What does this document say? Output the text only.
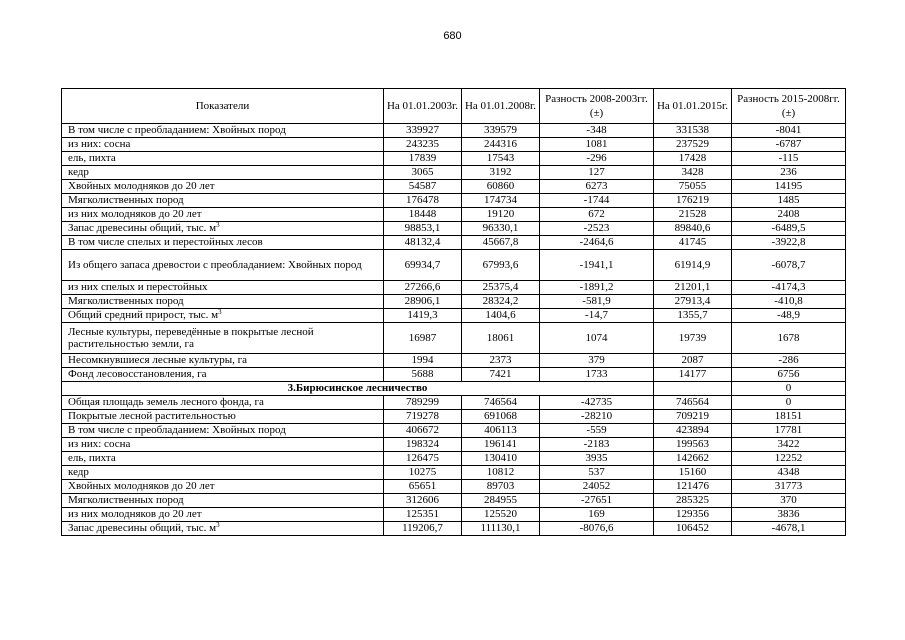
680
Показатели	На 01.01.2003г.	На 01.01.2008г.	Разность 2008-2003гг. (±)	На 01.01.2015г.	Разность 2015-2008гг. (±)
В том числе с преобладанием: Хвойных пород	339927	339579	-348	331538	-8041
из них: сосна	243235	244316	1081	237529	-6787
ель, пихта	17839	17543	-296	17428	-115
кедр	3065	3192	127	3428	236
Хвойных молодняков до 20 лет	54587	60860	6273	75055	14195
Мягколиственных пород	176478	174734	-1744	176219	1485
из них молодняков до 20 лет	18448	19120	672	21528	2408
Запас древесины общий, тыс. $м^3$	98853,1	96330,1	-2523	89840,6	-6489,5
В том числе спелых и перестойных лесов	48132,4	45667,8	-2464,6	41745	-3922,8
Из общего запаса древостои с преобладанием: Хвойных пород	69934,7	67993,6	-1941,1	61914,9	-6078,7
из них спелых и перестойных	27266,6	25375,4	-1891,2	21201,1	-4174,3
Мягколиственных пород	28906,1	28324,2	-581,9	27913,4	-410,8
Общий средний прирост, тыс. $м^3$	1419,3	1404,6	-14,7	1355,7	-48,9
Лесные культуры, переведённые в покрытые лесной растительностью земли, га	16987	18061	1074	19739	1678
Несомкнувшиеся лесные культуры, га	1994	2373	379	2087	-286
Фонд лесовосстановления, га	5688	7421	1733	14177	6756
3.Бирюсинское лесничество					0
Общая площадь земель лесного фонда, га	789299	746564	-42735	746564	0
Покрытые лесной растительностью	719278	691068	-28210	709219	18151
В том числе с преобладанием: Хвойных пород	406672	406113	-559	423894	17781
из них: сосна	198324	196141	-2183	199563	3422
ель, пихта	126475	130410	3935	142662	12252
кедр	10275	10812	537	15160	4348
Хвойных молодняков до 20 лет	65651	89703	24052	121476	31773
Мягколиственных пород	312606	284955	-27651	285325	370
из них молодняков до 20 лет	125351	125520	169	129356	3836
Запас древесины общий, тыс. $м^3$	119206,7	111130,1	-8076,6	106452	-4678,1
